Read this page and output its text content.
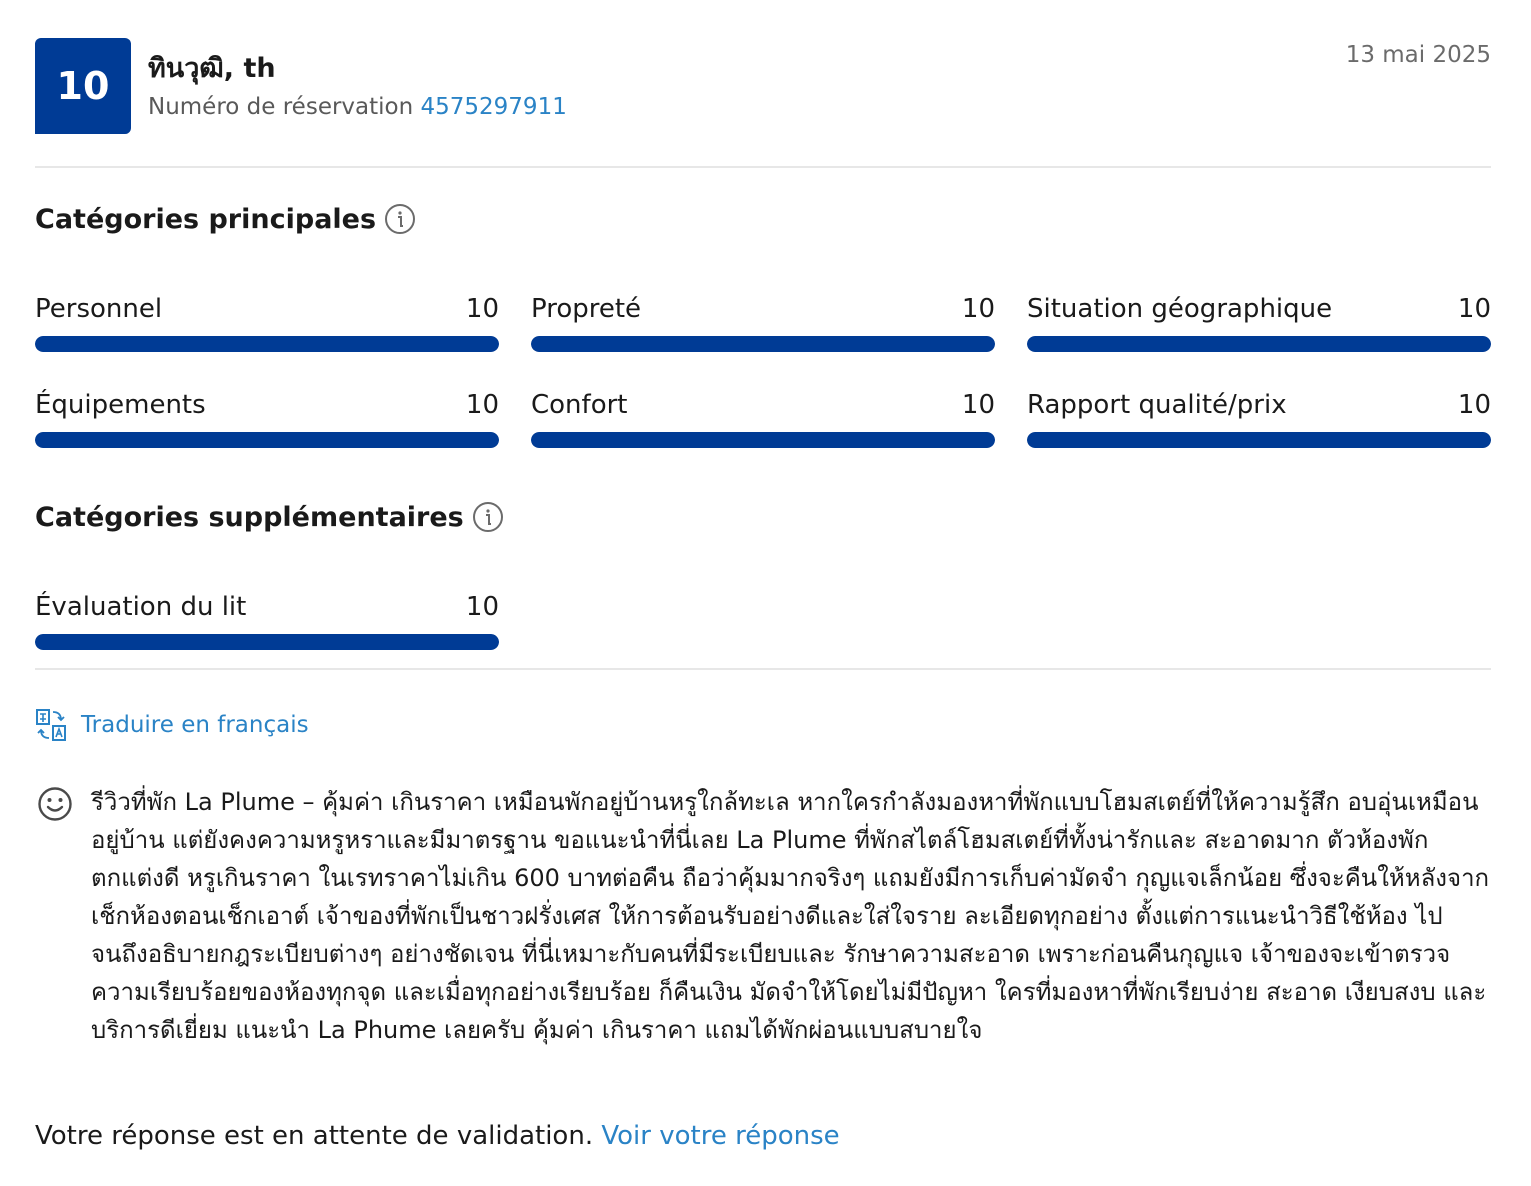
10	ทินวุฒิ, th
Numéro de réservation 4575297911
13 mai 2025
Catégories principales
Personnel	10 Propreté	10 Situation géographique	10
Équipements	10 Confort	10 Rapport qualité/prix	10
Catégories supplémentaires
Évaluation du lit	10
Traduire en français

รีวิวที่พัก La Plume – คุ้มค่า เกินราคา เหมือนพักอยู่บ้านหรูใกล้ทะเล หากใครกำลังมองหาที่พักแบบโฮมสเตย์ที่ให้ความรู้สึก อบอุ่นเหมือนอยู่บ้าน แต่ยังคงความหรูหราและมีมาตรฐาน ขอแนะนำที่นี่เลย La Plume ที่พักสไตล์โฮมสเตย์ที่ทั้งน่ารักและ สะอาดมาก ตัวห้องพักตกแต่งดี หรูเกินราคา ในเรทราคาไม่เกิน 600 บาทต่อคืน ถือว่าคุ้มมากจริงๆ แถมยังมีการเก็บค่ามัดจำ กุญแจเล็กน้อย ซึ่งจะคืนให้หลังจากเช็กห้องตอนเช็กเอาต์ เจ้าของที่พักเป็นชาวฝรั่งเศส ให้การต้อนรับอย่างดีและใส่ใจราย ละเอียดทุกอย่าง ตั้งแต่การแนะนำวิธีใช้ห้อง ไปจนถึงอธิบายกฎระเบียบต่างๆ อย่างชัดเจน ที่นี่เหมาะกับคนที่มีระเบียบและ รักษาความสะอาด เพราะก่อนคืนกุญแจ เจ้าของจะเข้าตรวจความเรียบร้อยของห้องทุกจุด และเมื่อทุกอย่างเรียบร้อย ก็คืนเงิน มัดจำให้โดยไม่มีปัญหา ใครที่มองหาที่พักเรียบง่าย สะอาด เงียบสงบ และบริการดีเยี่ยม แนะนำ La Phume เลยครับ คุ้มค่า เกินราคา แถมได้พักผ่อนแบบสบายใจ

Votre réponse est en attente de validation. Voir votre réponse
